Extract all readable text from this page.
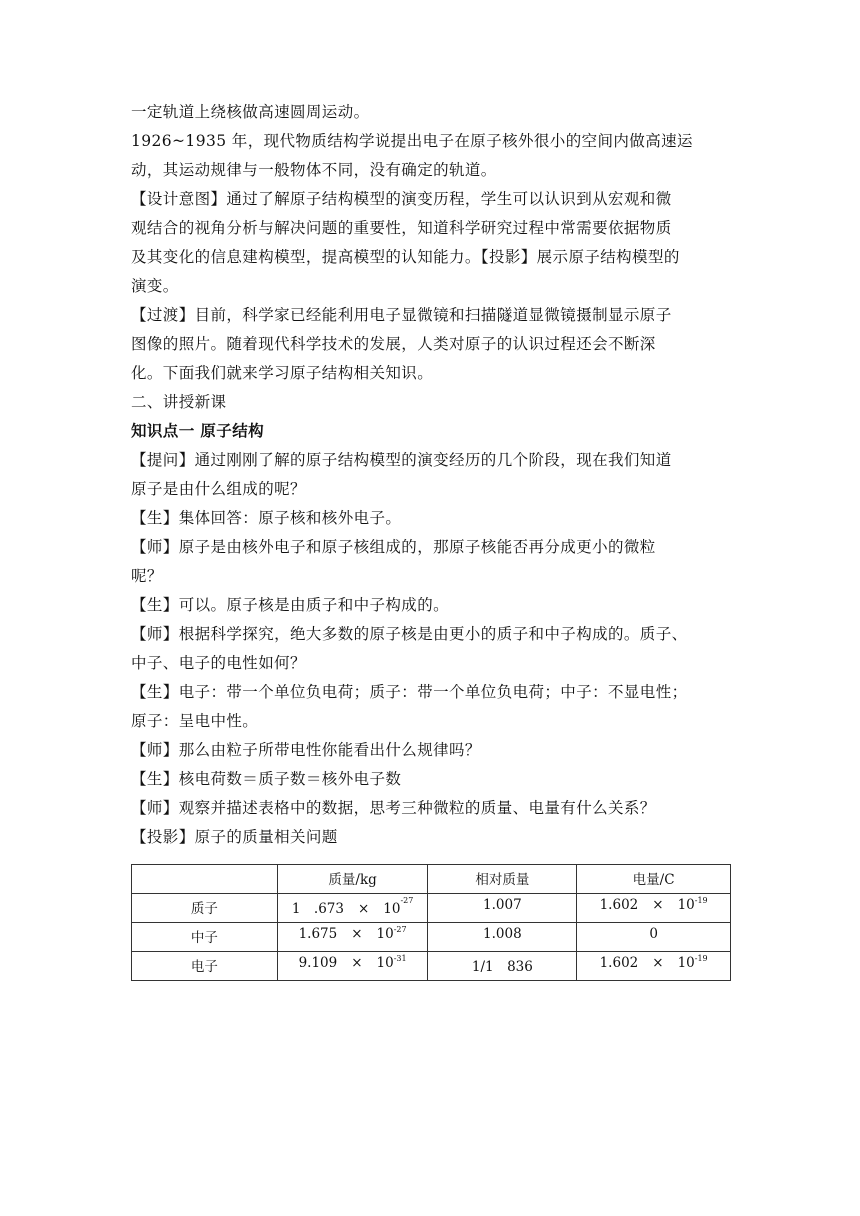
一定轨道上绕核做高速圆周运动。

1926~1935 年，现代物质结构学说提出电子在原子核外很小的空间内做高速运

动，其运动规律与一般物体不同，没有确定的轨道。

【设计意图】通过了解原子结构模型的演变历程，学生可以认识到从宏观和微

观结合的视角分析与解决问题的重要性，知道科学研究过程中常需要依据物质

及其变化的信息建构模型，提高模型的认知能力。【投影】展示原子结构模型的

演变。

【过渡】目前，科学家已经能利用电子显微镜和扫描隧道显微镜摄制显示原子

图像的照片。随着现代科学技术的发展，人类对原子的认识过程还会不断深

化。下面我们就来学习原子结构相关知识。

二、讲授新课

知识点一 原子结构

【提问】通过刚刚了解的原子结构模型的演变经历的几个阶段，现在我们知道

原子是由什么组成的呢？

【生】集体回答：原子核和核外电子。

【师】原子是由核外电子和原子核组成的，那原子核能否再分成更小的微粒

呢？

【生】可以。原子核是由质子和中子构成的。

【师】根据科学探究，绝大多数的原子核是由更小的质子和中子构成的。质子、

中子、电子的电性如何？

【生】电子：带一个单位负电荷；质子：带一个单位负电荷；中子：不显电性；

原子：呈电中性。

【师】那么由粒子所带电性你能看出什么规律吗？

【生】核电荷数＝质子数＝核外电子数

【师】观察并描述表格中的数据，思考三种微粒的质量、电量有什么关系？

【投影】原子的质量相关问题

	质量/kg	相对质量	电量/C
质子	1　$.673 \times 10^{-27}$	1.007	$1.602 \times 10^{-19}$
中子	$1.675 \times 10^{-27}$	1.008	0
电子	$9.109 \times 10^{-31}$	1/1　836	$1.602 \times 10^{-19}$
